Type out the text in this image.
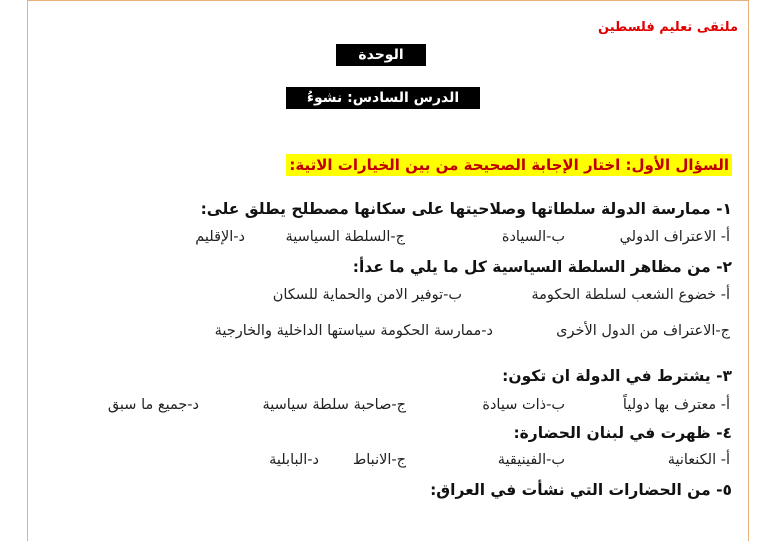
ملتقى تعليم فلسطين
الوحدة الثالثة
الدرس السادس: نشوءُ الدُوَل
السؤال الأول: اختار الإجابة الصحيحة من بين الخيارات الاتية:
١- ممارسة الدولة سلطاتها وصلاحيتها على سكانها مصطلح يطلق على:
أ- الاعتراف الدولي
ب-السيادة
ج-السلطة السياسية
د-الإقليم
٢- من مظاهر السلطة السياسية كل ما يلي ما عدأ:
أ- خضوع الشعب لسلطة الحكومة
ب-توفير الامن والحماية للسكان
ج-الاعتراف من الدول الأخرى
د-ممارسة الحكومة سياستها الداخلية والخارجية
٣- يشترط في الدولة ان تكون:
أ- معترف بها دولياً
ب-ذات سيادة
ج-صاحبة سلطة سياسية
د-جميع ما سبق
٤- ظهرت في لبنان الحضارة:
أ- الكنعانية
ب-الفينيقية
ج-الانباط
د-البابلية
٥- من الحضارات التي نشأت في العراق:
